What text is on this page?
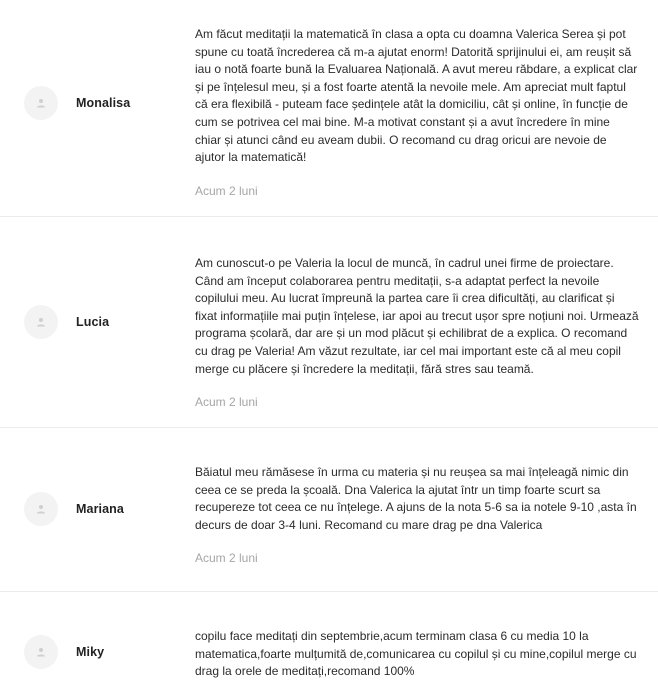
Monalisa

Am făcut meditații la matematică în clasa a opta cu doamna Valerica Serea și pot spune cu toată încrederea că m-a ajutat enorm! Datorită sprijinului ei, am reușit să iau o notă foarte bună la Evaluarea Națională. A avut mereu răbdare, a explicat clar și pe înțelesul meu, și a fost foarte atentă la nevoile mele. Am apreciat mult faptul că era flexibilă - puteam face ședințele atât la domiciliu, cât și online, în funcție de cum se potrivea cel mai bine. M-a motivat constant și a avut încredere în mine chiar și atunci când eu aveam dubii. O recomand cu drag oricui are nevoie de ajutor la matematică!

Acum 2 luni
Lucia

Am cunoscut-o pe Valeria la locul de muncă, în cadrul unei firme de proiectare. Când am început colaborarea pentru meditații, s-a adaptat perfect la nevoile copilului meu. Au lucrat împreună la partea care îi crea dificultăți, au clarificat și fixat informațiile mai puțin înțelese, iar apoi au trecut ușor spre noțiuni noi. Urmează programa școlară, dar are și un mod plăcut și echilibrat de a explica. O recomand cu drag pe Valeria! Am văzut rezultate, iar cel mai important este că al meu copil merge cu plăcere și încredere la meditații, fără stres sau teamă.

Acum 2 luni
Mariana

Băiatul meu rămăsese în urma cu materia și nu reușea sa mai înțeleagă nimic din ceea ce se preda la școală. Dna Valerica la ajutat într un timp foarte scurt sa recupereze tot ceea ce nu înțelege. A ajuns de la nota 5-6 sa ia notele 9-10 ,asta în decurs de doar 3-4 luni. Recomand cu mare drag pe dna Valerica

Acum 2 luni
Miky

copilu face meditați din septembrie,acum terminam clasa 6 cu media 10 la matematica,foarte mulțumită de,comunicarea cu copilul și cu mine,copilul merge cu drag la orele de meditați,recomand 100%
